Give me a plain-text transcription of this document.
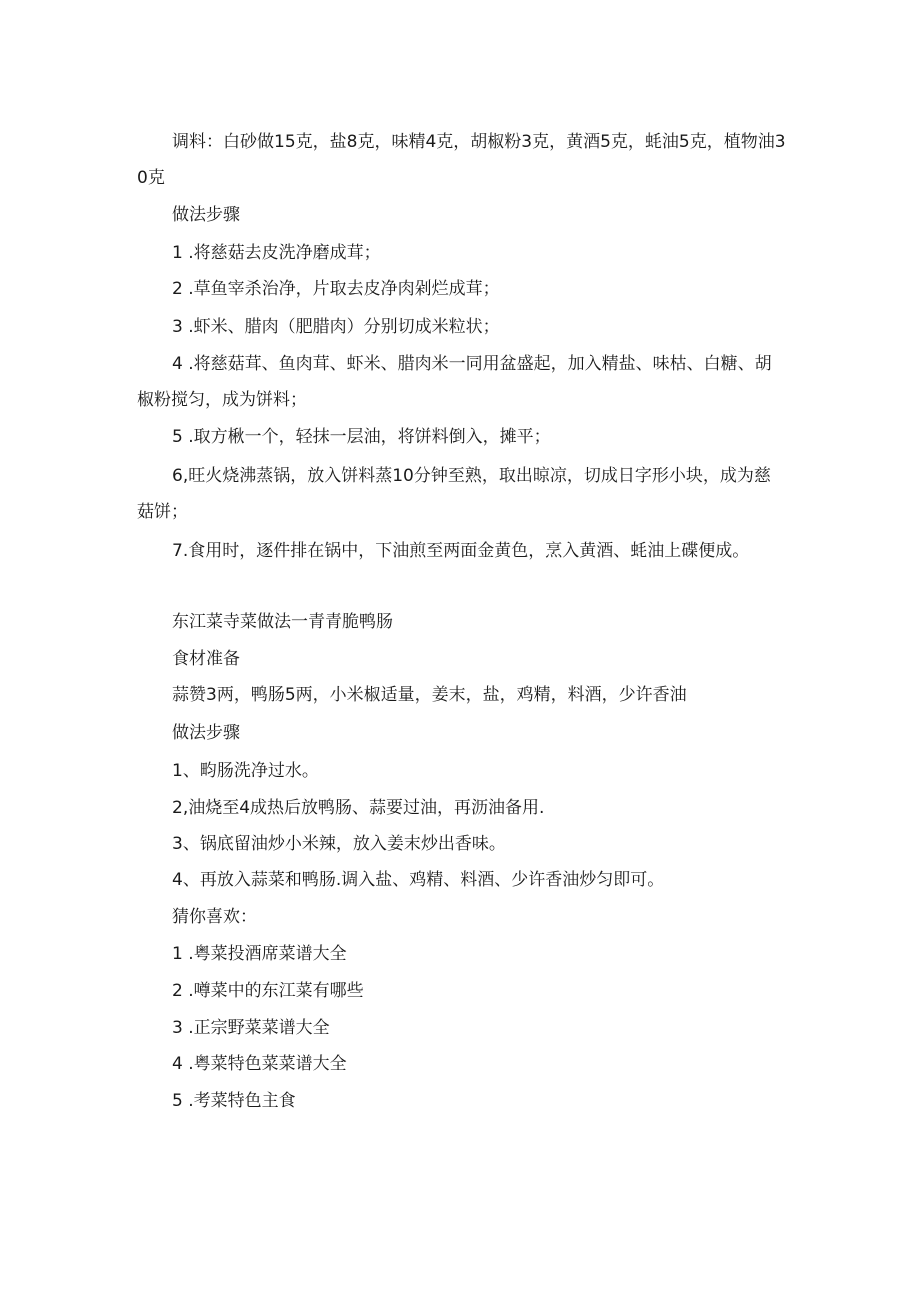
调料：白砂做15克，盐8克，味精4克，胡椒粉3克，黄酒5克，蚝油5克，植物油30克

做法步骤

1 .将慈菇去皮洗净磨成茸；

2 .草鱼宰杀治净，片取去皮净肉剁烂成茸；

3 .虾米、腊肉（肥腊肉）分别切成米粒状；

4 .将慈菇茸、鱼肉茸、虾米、腊肉米一同用盆盛起，加入精盐、味枯、白糖、胡椒粉搅匀，成为饼料；

5 .取方楸一个，轻抹一层油，将饼料倒入，摊平；

6,旺火烧沸蒸锅，放入饼料蒸10分钟至熟，取出晾凉，切成日字形小块，成为慈菇饼；

7.食用时，逐件排在锅中，下油煎至两面金黄色，烹入黄酒、蚝油上碟便成。

东江菜寺菜做法一青青脆鸭肠

食材准备

蒜赞3两，鸭肠5两，小米椒适量，姜末，盐，鸡精，料酒，少许香油

做法步骤

1、畇肠洗净过水。

2,油烧至4成热后放鸭肠、蒜要过油，再沥油备用.

3、锅底留油炒小米辣，放入姜末炒出香味。

4、再放入蒜菜和鸭肠.调入盐、鸡精、料酒、少许香油炒匀即可。

猜你喜欢：

1 .粤菜投酒席菜谱大全

2 .噂菜中的东江菜有哪些

3 .正宗野菜菜谱大全

4 .粤菜特色菜菜谱大全

5 .考菜特色主食
